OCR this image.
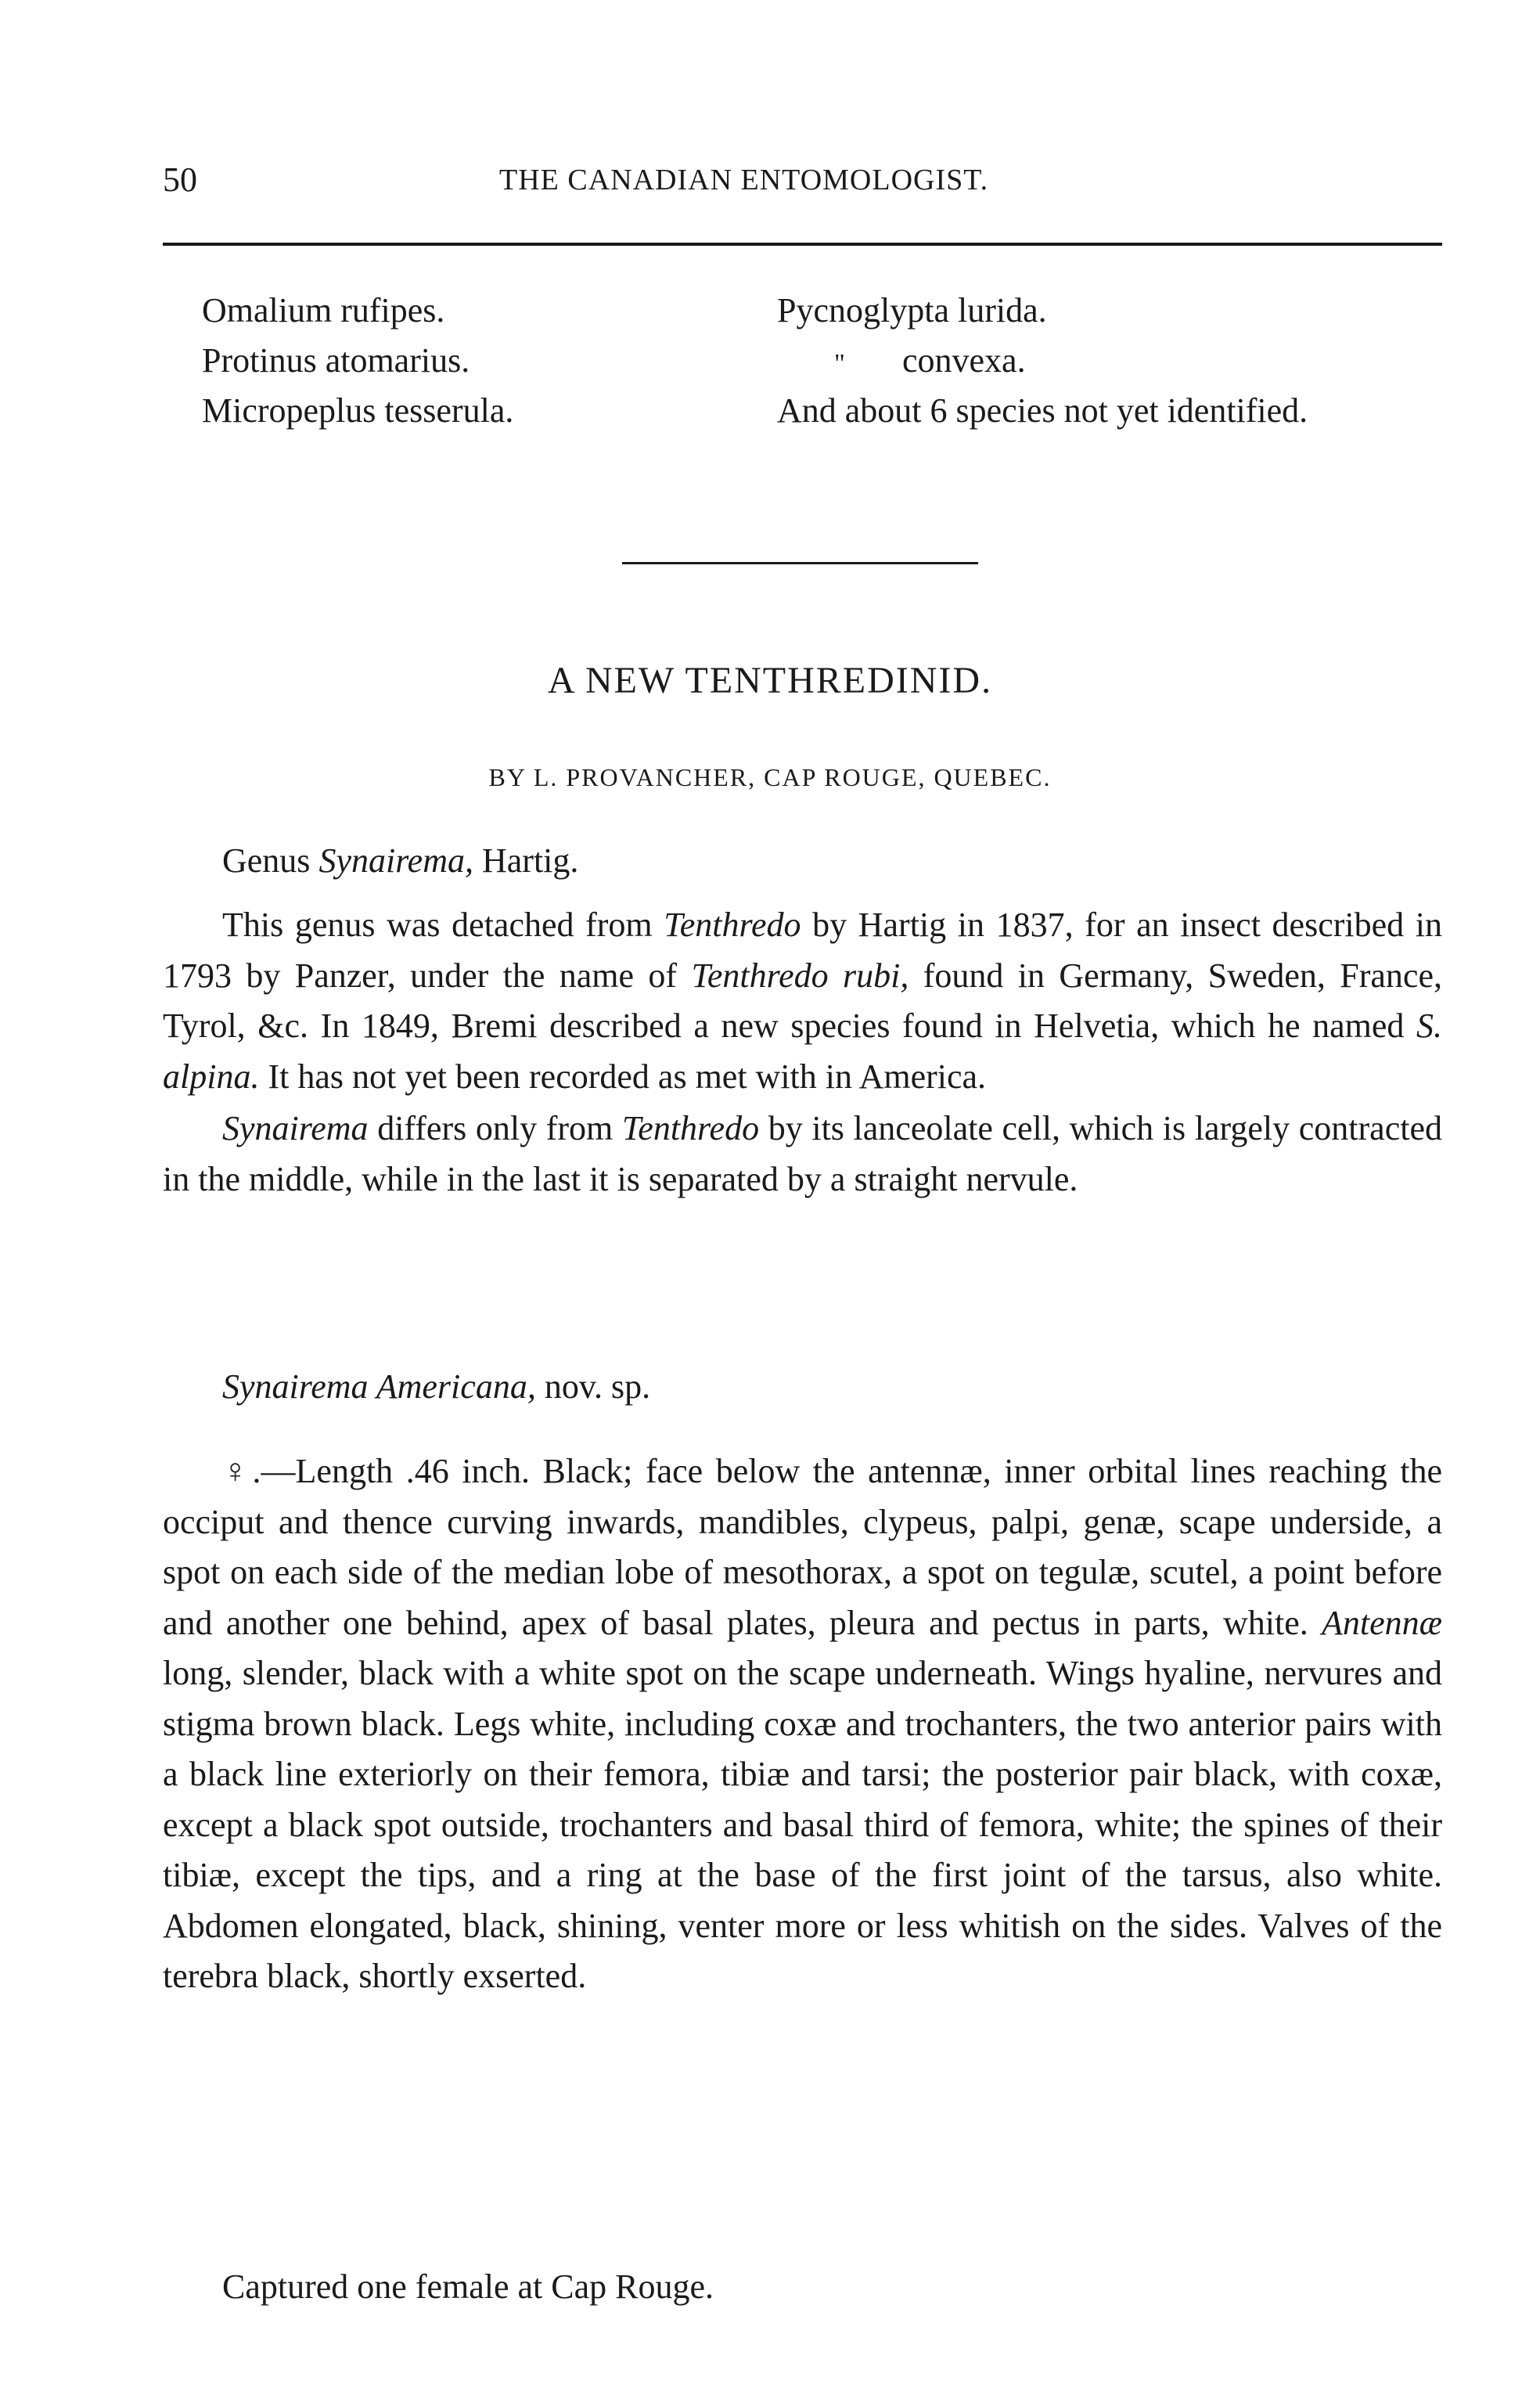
50	THE CANADIAN ENTOMOLOGIST.
Omalium rufipes.	Pycnoglypta lurida.
Protinus atomarius.	" convexa.
Micropeplus tesserula.	And about 6 species not yet identified.
A NEW TENTHREDINID.
BY L. PROVANCHER, CAP ROUGE, QUEBEC.
Genus Synairema, Hartig.

This genus was detached from Tenthredo by Hartig in 1837, for an insect described in 1793 by Panzer, under the name of Tenthredo rubi, found in Germany, Sweden, France, Tyrol, &c. In 1849, Bremi described a new species found in Helvetia, which he named S. alpina. It has not yet been recorded as met with in America.

Synairema differs only from Tenthredo by its lanceolate cell, which is largely contracted in the middle, while in the last it is separated by a straight nervule.

Synairema Americana, nov. sp.

♀.—Length .46 inch. Black; face below the antennæ, inner orbital lines reaching the occiput and thence curving inwards, mandibles, clypeus, palpi, genæ, scape underside, a spot on each side of the median lobe of mesothorax, a spot on tegulæ, scutel, a point before and another one behind, apex of basal plates, pleura and pectus in parts, white. Antennæ long, slender, black with a white spot on the scape underneath. Wings hyaline, nervures and stigma brown black. Legs white, including coxæ and trochanters, the two anterior pairs with a black line exteriorly on their femora, tibiæ and tarsi; the posterior pair black, with coxæ, except a black spot outside, trochanters and basal third of femora, white; the spines of their tibiæ, except the tips, and a ring at the base of the first joint of the tarsus, also white. Abdomen elongated, black, shining, venter more or less whitish on the sides. Valves of the terebra black, shortly exserted.

Captured one female at Cap Rouge.
